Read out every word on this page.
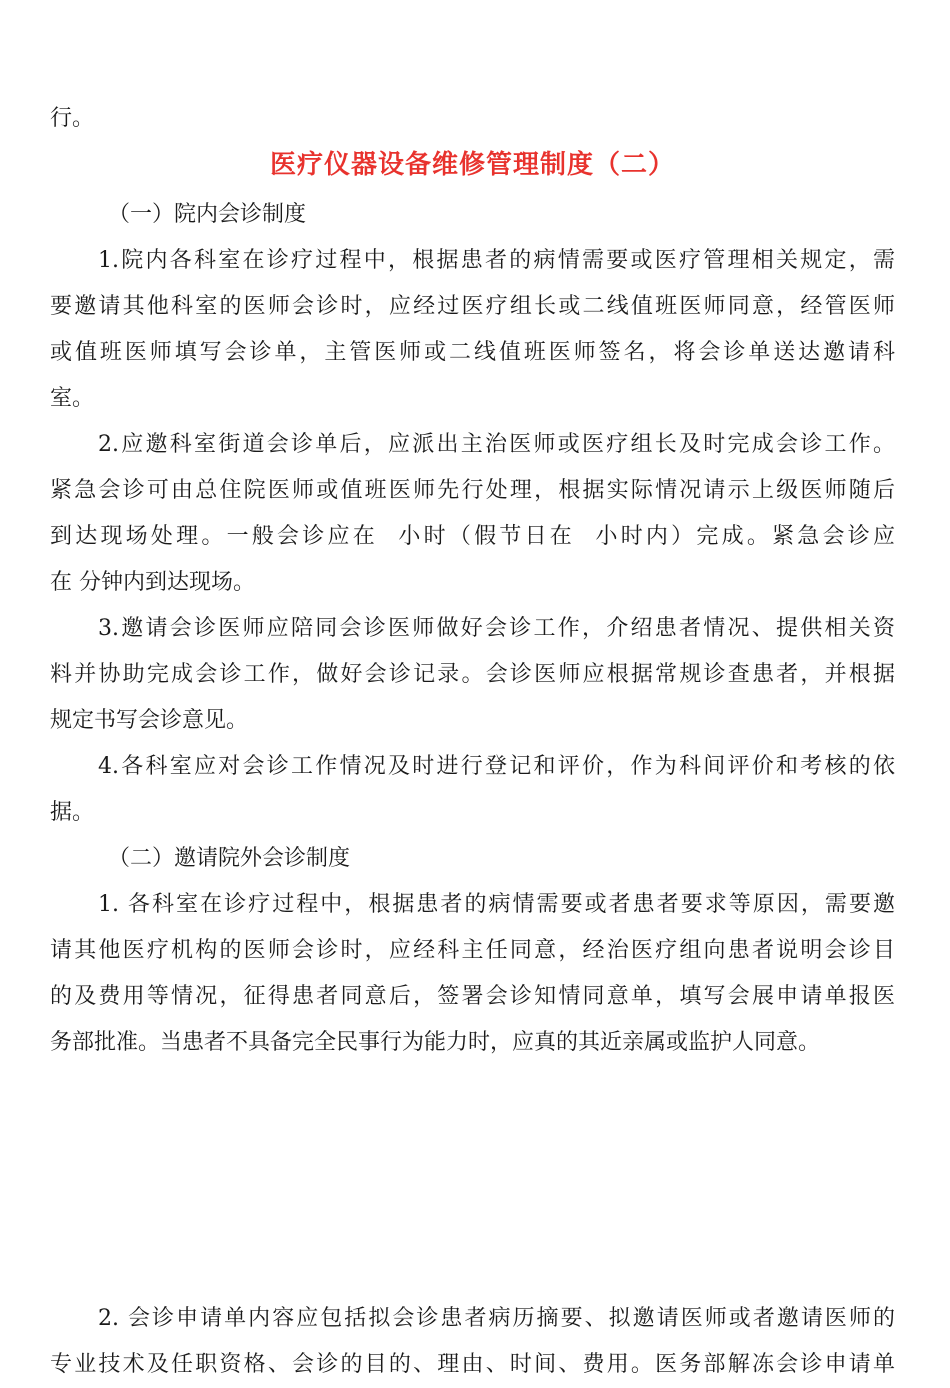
行。

医疗仪器设备维修管理制度（二）

（一）院内会诊制度

1.院内各科室在诊疗过程中，根据患者的病情需要或医疗管理相关规定，需

要邀请其他科室的医师会诊时，应经过医疗组长或二线值班医师同意，经管医师

或值班医师填写会诊单，主管医师或二线值班医师签名，将会诊单送达邀请科

室。

2.应邀科室街道会诊单后，应派出主治医师或医疗组长及时完成会诊工作。

紧急会诊可由总住院医师或值班医师先行处理，根据实际情况请示上级医师随后

到达现场处理。一般会诊应在  小时（假节日在  小时内）完成。紧急会诊应

在 分钟内到达现场。

3.邀请会诊医师应陪同会诊医师做好会诊工作，介绍患者情况、提供相关资

料并协助完成会诊工作，做好会诊记录。会诊医师应根据常规诊查患者，并根据

规定书写会诊意见。

4.各科室应对会诊工作情况及时进行登记和评价，作为科间评价和考核的依

据。

（二）邀请院外会诊制度

1. 各科室在诊疗过程中，根据患者的病情需要或者患者要求等原因，需要邀

请其他医疗机构的医师会诊时，应经科主任同意，经治医疗组向患者说明会诊目

的及费用等情况，征得患者同意后，签署会诊知情同意单，填写会展申请单报医

务部批准。当患者不具备完全民事行为能力时，应真的其近亲属或监护人同意。

2. 会诊申请单内容应包括拟会诊患者病历摘要、拟邀请医师或者邀请医师的

专业技术及任职资格、会诊的目的、理由、时间、费用。医务部解冻会诊申请单
